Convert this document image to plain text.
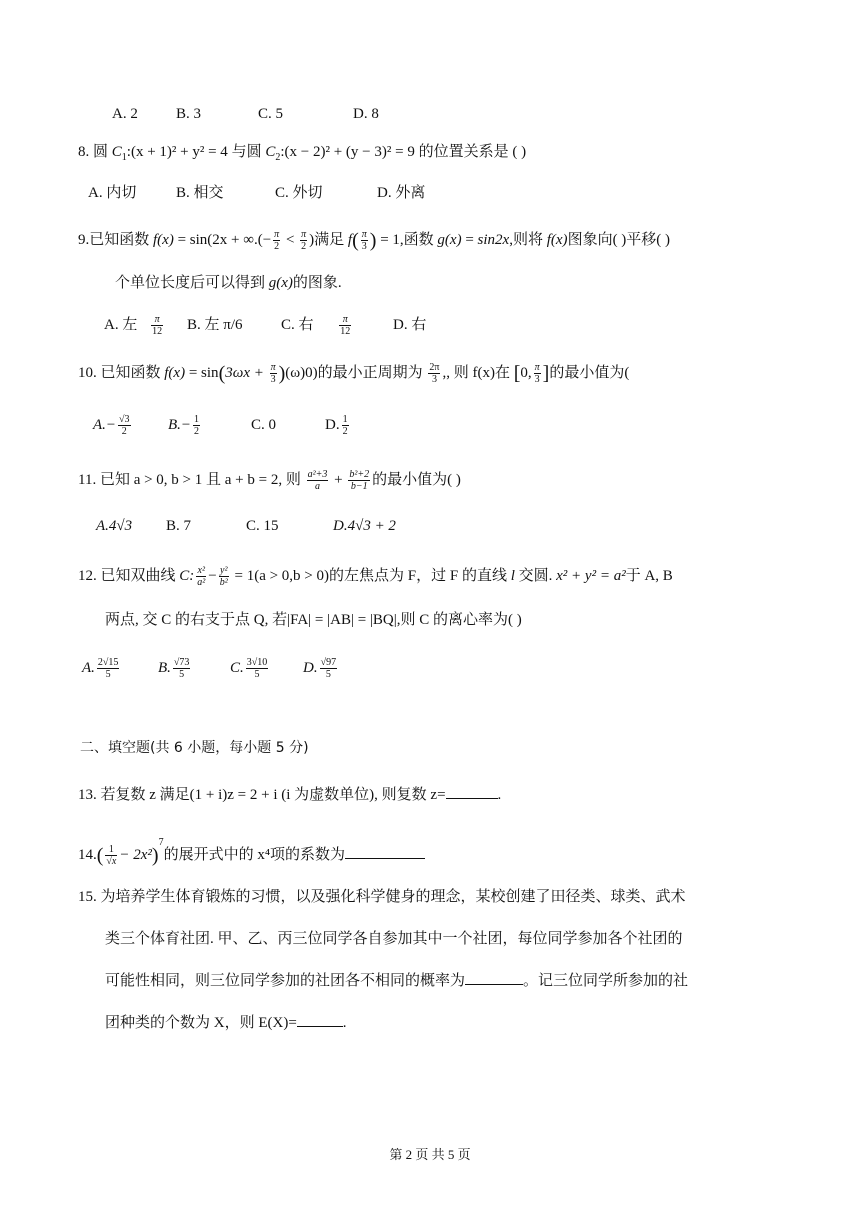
A. 2	B. 3	C. 5	D. 8
8. 圆 $C_1:(x + 1)^2 + y^2 = 4$ 与圆 $C_2:(x - 2)^2 + (y - 3)^2 = 9$ 的位置关系是 ( )
A. 内切	B. 相交	C. 外切	D. 外离
9.已知函数 f(x) = sin(2x + ∞.(− $\frac{\pi}{2} < \frac{\pi}{2}$ )满足 $f( \frac{\pi}{3}$ ) = 1,函数 g(x) = sin2x,则将 f(x)图象向( )平移( )
个单位长度后可以得到 g(x)的图象.
A. 左 $\frac{\pi}{12} B$. 左 π/6	C. 右	$\frac{\pi}{12}$	D. 右
10. 已知函数 $f(x) = \sin(3\omega x + \frac{\pi}{3} )(\omega)0$)的最小正周期为 $\frac{2\pi}{3}$ ,, 则 f(x)在 [0, $\frac{\pi}{3}$ ]的最小值为(
$A.- \frac{√3}{2} B.- \frac{1}{2}$	C. 0	D. $\frac{1}{2}$
11. 已知 a > 0, b > 1 且 a + b = 2, 则 $\frac{\text{a²+3}}{a} + \frac{\text{b²+2}}{b-1}$ 的最小值为( )
A.4√3 B. 7	C. 15	D.4√3 + 2
12. 已知双曲线 C: $\frac{\text{x²}}{\text{a²}} - \frac{\text{y²}}{\text{b²}} = 1(a > 0,b > 0)$的左焦点为 F，过 F 的直线 l 交圆. x² + y² = a²于 A, B
两点, 交 C 的右支于点 Q, 若|FA| = |AB| = |BQ|,则 C 的离心率为( )
A. $\frac{2√15}{5}$	B. $\frac{√73}{5}$	C. $\frac{3√10}{5} D$. $\frac{√97}{5}$
二、填空题(共 6 小题，每小题 5 分)
13. 若复数 z 满足(1 + i)z = 2 + i (i 为虚数单位), 则复数 z=	.
$14.( \frac{1}{√x} - 2x^2)^7$的展开式中的 x⁴项的系数为
15. 为培养学生体育锻炼的习惯，以及强化科学健身的理念，某校创建了田径类、球类、武术
类三个体育社团. 甲、乙、丙三位同学各自参加其中一个社团，每位同学参加各个社团的
可能性相同，则三位同学参加的社团各不相同的概率为	。记三位同学所参加的社
团种类的个数为 X，则 E(X)=	.
第 2 页 共 5 页
